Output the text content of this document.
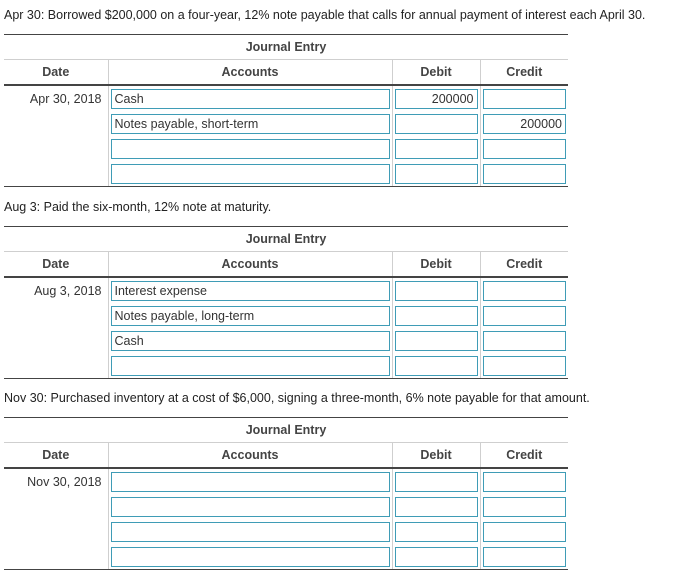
Apr 30: Borrowed $200,000 on a four-year, 12% note payable that calls for annual payment of interest each April 30.
Journal Entry
Date	Accounts	Debit	Credit
Apr 30, 2018	Cash	200000	

	Notes payable, short-term		200000

Aug 3: Paid the six-month, 12% note at maturity.
Journal Entry
Date	Accounts	Debit	Credit
Aug 3, 2018	Interest expense		

	Notes payable, long-term		

	Cash		

Nov 30: Purchased inventory at a cost of $6,000, signing a three-month, 6% note payable for that amount.
Journal Entry
Date	Accounts	Debit	Credit
Nov 30, 2018	
